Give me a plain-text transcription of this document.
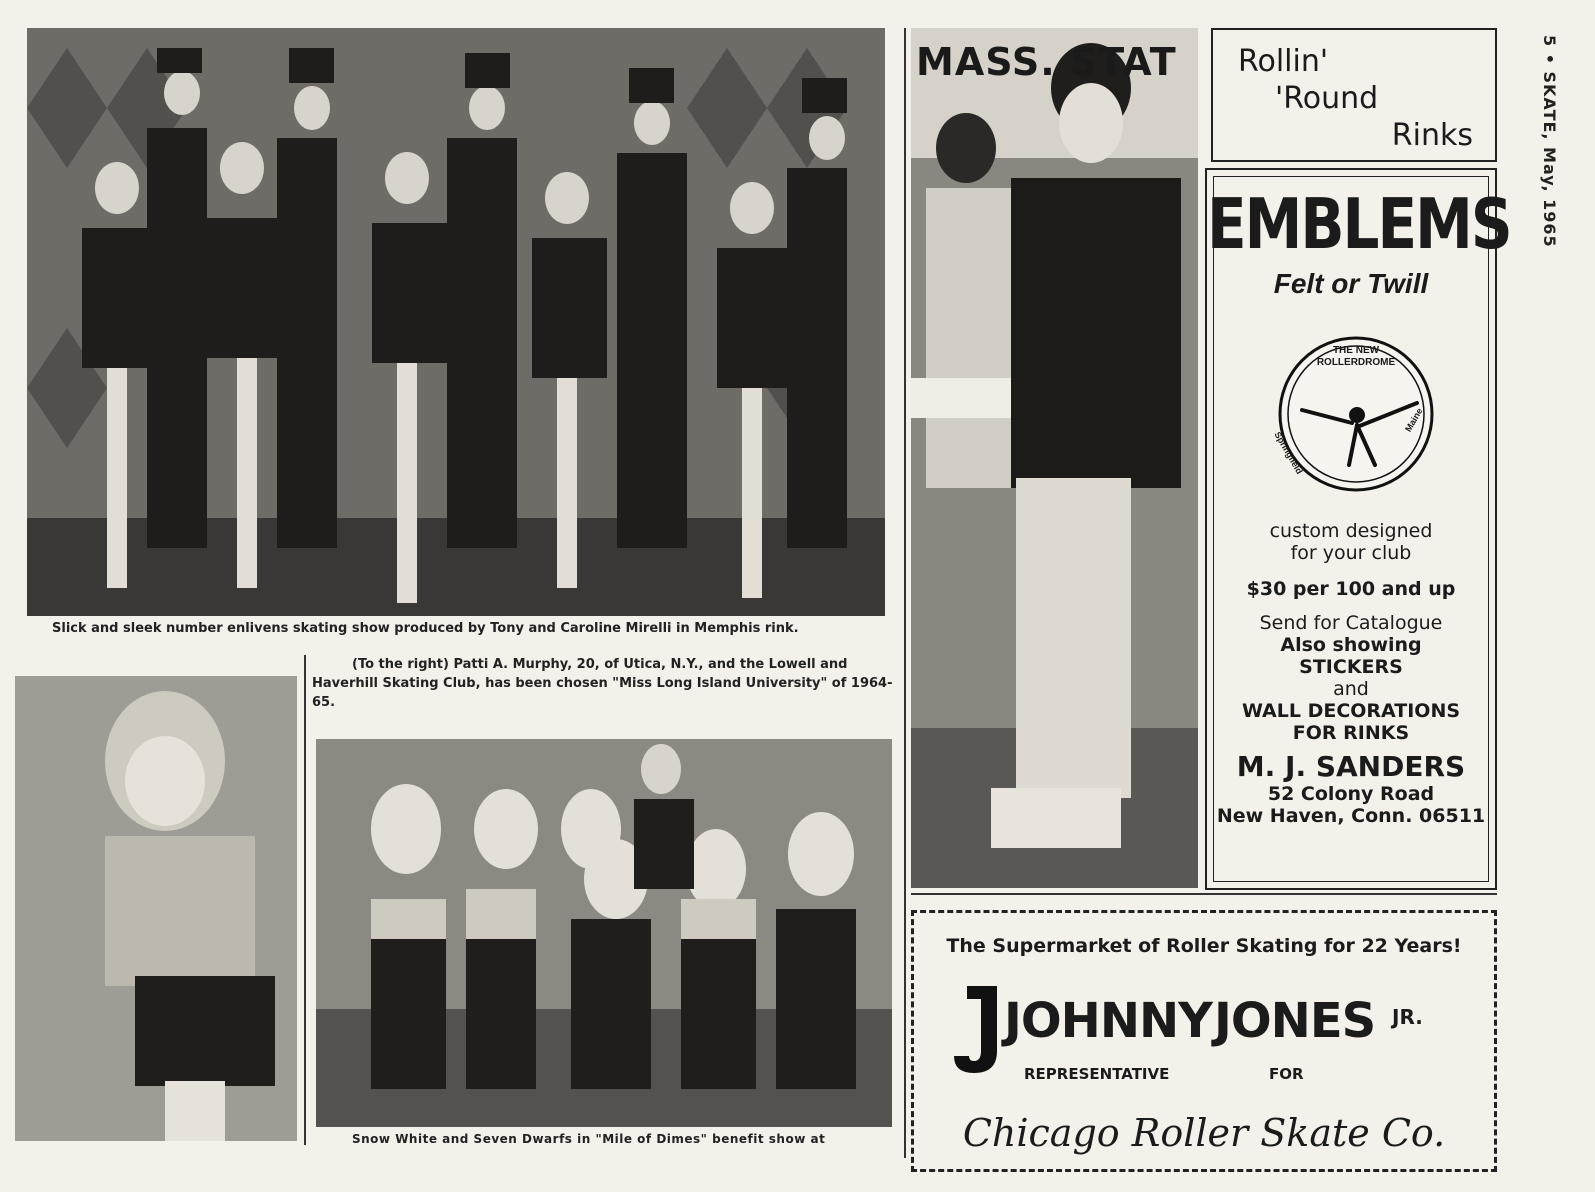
Slick and sleek number enlivens skating show produced by Tony and Caroline Mirelli in Memphis rink.
(To the right) Patti A. Murphy, 20, of Utica, N.Y., and the Lowell and Haverhill Skating Club, has been chosen "Miss Long Island University" of 1964-65.
Snow White and Seven Dwarfs in "Mile of Dimes" benefit show at
MASS. STAT Rollin'
'Round
Rinks	5 • SKATE, May, 1965
EMBLEMS
Felt or Twill
THE NEW
ROLLERDROME
Springfield
Maine
custom designed
for your club
$30 per 100 and up
Send for Catalogue
Also showing
STICKERS
and
WALL DECORATIONS
FOR RINKS
M. J. SANDERS
52 Colony Road
New Haven, Conn. 06511
The Supermarket of Roller Skating for 22 Years!
JOHNNY JONES JR.
REPRESENTATIVE	FOR
Chicago Roller Skate Co.
